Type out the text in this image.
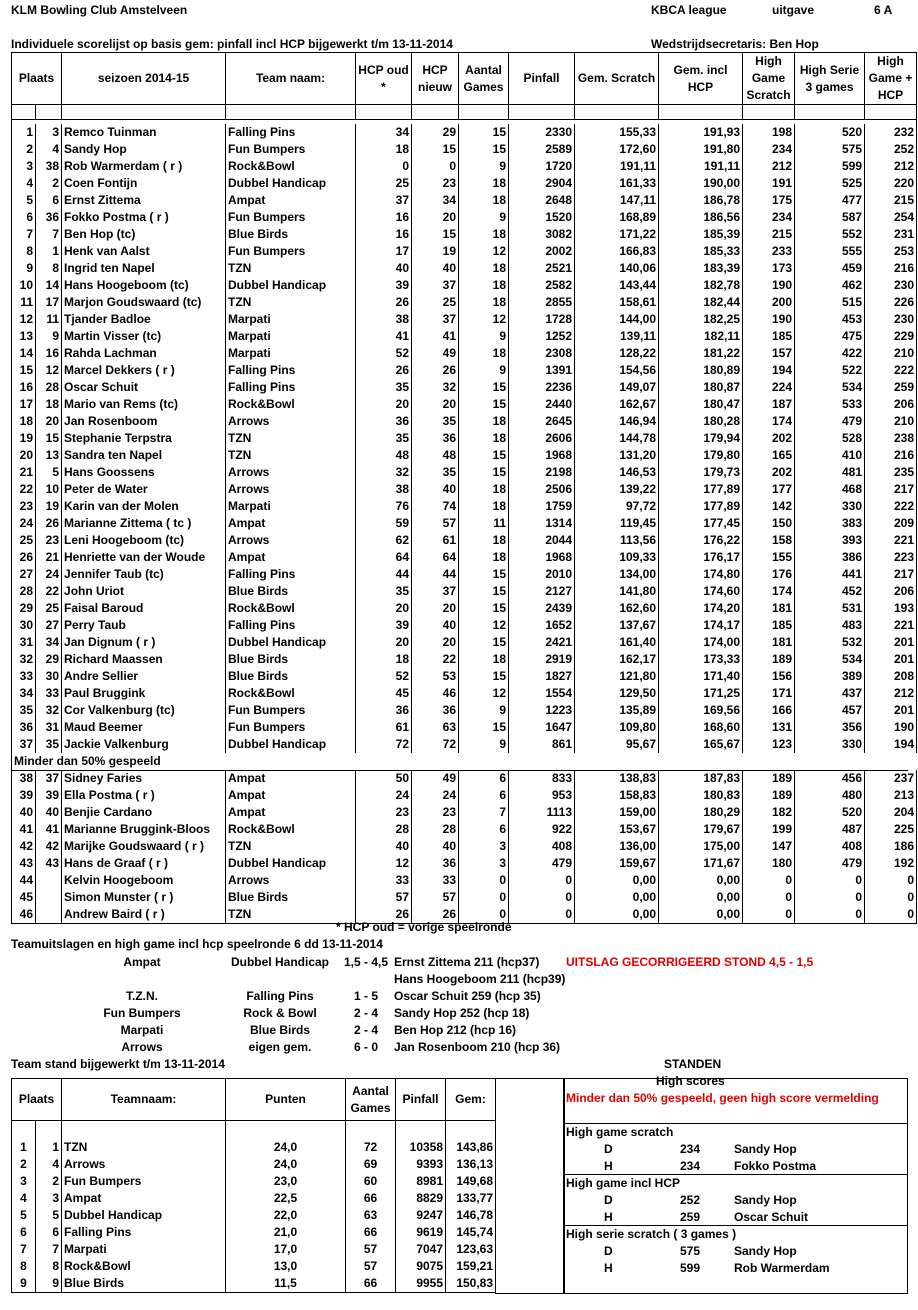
KLM Bowling Club Amstelveen	KBCA league	uitgave	6 A
Individuele scorelijst op basis gem: pinfall incl HCP bijgewerkt t/m 13-11-2014	Wedstrijdsecretaris: Ben Hop
Plaats		seizoen 2014-15	Team naam:	HCP oud *	HCP nieuw	Aantal Games	Pinfall	Gem. Scratch	Gem. incl HCP	High Game Scratch	High Serie 3 games	High Game + HCP

1	3	Remco Tuinman	Falling Pins	34	29	15	2330	155,33	191,93	198	520	232
2	4	Sandy Hop	Fun Bumpers	18	15	15	2589	172,60	191,80	234	575	252
3	38	Rob Warmerdam ( r )	Rock&Bowl	0	0	9	1720	191,11	191,11	212	599	212
4	2	Coen Fontijn	Dubbel Handicap	25	23	18	2904	161,33	190,00	191	525	220
5	6	Ernst Zittema	Ampat	37	34	18	2648	147,11	186,78	175	477	215
6	36	Fokko Postma ( r )	Fun Bumpers	16	20	9	1520	168,89	186,56	234	587	254
7	7	Ben Hop (tc)	Blue Birds	16	15	18	3082	171,22	185,39	215	552	231
8	1	Henk van Aalst	Fun Bumpers	17	19	12	2002	166,83	185,33	233	555	253
9	8	Ingrid ten Napel	TZN	40	40	18	2521	140,06	183,39	173	459	216
10	14	Hans Hoogeboom (tc)	Dubbel Handicap	39	37	18	2582	143,44	182,78	190	462	230
11	17	Marjon Goudswaard (tc)	TZN	26	25	18	2855	158,61	182,44	200	515	226
12	11	Tjander Badloe	Marpati	38	37	12	1728	144,00	182,25	190	453	230
13	9	Martin Visser (tc)	Marpati	41	41	9	1252	139,11	182,11	185	475	229
14	16	Rahda Lachman	Marpati	52	49	18	2308	128,22	181,22	157	422	210
15	12	Marcel Dekkers ( r )	Falling Pins	26	26	9	1391	154,56	180,89	194	522	222
16	28	Oscar Schuit	Falling Pins	35	32	15	2236	149,07	180,87	224	534	259
17	18	Mario van Rems (tc)	Rock&Bowl	20	20	15	2440	162,67	180,47	187	533	206
18	20	Jan Rosenboom	Arrows	36	35	18	2645	146,94	180,28	174	479	210
19	15	Stephanie Terpstra	TZN	35	36	18	2606	144,78	179,94	202	528	238
20	13	Sandra ten Napel	TZN	48	48	15	1968	131,20	179,80	165	410	216
21	5	Hans Goossens	Arrows	32	35	15	2198	146,53	179,73	202	481	235
22	10	Peter de Water	Arrows	38	40	18	2506	139,22	177,89	177	468	217
23	19	Karin van der Molen	Marpati	76	74	18	1759	97,72	177,89	142	330	222
24	26	Marianne Zittema ( tc )	Ampat	59	57	11	1314	119,45	177,45	150	383	209
25	23	Leni Hoogeboom (tc)	Arrows	62	61	18	2044	113,56	176,22	158	393	221
26	21	Henriette van der Woude	Ampat	64	64	18	1968	109,33	176,17	155	386	223
27	24	Jennifer Taub (tc)	Falling Pins	44	44	15	2010	134,00	174,80	176	441	217
28	22	John Uriot	Blue Birds	35	37	15	2127	141,80	174,60	174	452	206
29	25	Faisal Baroud	Rock&Bowl	20	20	15	2439	162,60	174,20	181	531	193
30	27	Perry Taub	Falling Pins	39	40	12	1652	137,67	174,17	185	483	221
31	34	Jan Dignum ( r )	Dubbel Handicap	20	20	15	2421	161,40	174,00	181	532	201
32	29	Richard Maassen	Blue Birds	18	22	18	2919	162,17	173,33	189	534	201
33	30	Andre Sellier	Blue Birds	52	53	15	1827	121,80	171,40	156	389	208
34	33	Paul Bruggink	Rock&Bowl	45	46	12	1554	129,50	171,25	171	437	212
35	32	Cor Valkenburg (tc)	Fun Bumpers	36	36	9	1223	135,89	169,56	166	457	201
36	31	Maud Beemer	Fun Bumpers	61	63	15	1647	109,80	168,60	131	356	190
37	35	Jackie Valkenburg	Dubbel Handicap	72	72	9	861	95,67	165,67	123	330	194
Minder dan 50% gespeeld												
38	37	Sidney Faries	Ampat	50	49	6	833	138,83	187,83	189	456	237
39	39	Ella Postma ( r )	Ampat	24	24	6	953	158,83	180,83	189	480	213
40	40	Benjie Cardano	Ampat	23	23	7	1113	159,00	180,29	182	520	204
41	41	Marianne Bruggink-Bloos	Rock&Bowl	28	28	6	922	153,67	179,67	199	487	225
42	42	Marijke Goudswaard ( r )	TZN	40	40	3	408	136,00	175,00	147	408	186
43	43	Hans de Graaf ( r )	Dubbel Handicap	12	36	3	479	159,67	171,67	180	479	192
44		Kelvin Hoogeboom	Arrows	33	33	0	0	0,00	0,00	0	0	0
45		Simon Munster ( r )	Blue Birds	57	57	0	0	0,00	0,00	0	0	0
46		Andrew Baird ( r )	TZN	26	26	0	0	0,00	0,00	0	0	0
* HCP oud = vorige speelronde
Teamuitslagen en high game incl hcp speelronde 6 dd 13-11-2014
Ampat	Dubbel Handicap	1,5 - 4,5 Ernst Zittema 211 (hcp37)
T.Z.N.	Falling Pins	1 - 5	Oscar Schuit 259 (hcp 35)
Fun Bumpers	Rock & Bowl	2 - 4	Sandy Hop 252 (hcp 18)
Marpati	Blue Birds	2 - 4	Ben Hop 212 (hcp 16)
Arrows	eigen gem.	6 - 0	Jan Rosenboom 210 (hcp 36)
UITSLAG GECORRIGEERD STOND 4,5 - 1,5
Hans Hoogeboom 211 (hcp39)
Team stand bijgewerkt t/m 13-11-2014	STANDEN
Plaats		Teamnaam:	Punten	Aantal Games	Pinfall	Gem:

1	1	TZN	24,0	72	10358	143,86
2	4	Arrows	24,0	69	9393	136,13
3	2	Fun Bumpers	23,0	60	8981	149,68
4	3	Ampat	22,5	66	8829	133,77
5	5	Dubbel Handicap	22,0	63	9247	146,78
6	6	Falling Pins	21,0	66	9619	145,74
7	7	Marpati	17,0	57	7047	123,63
8	8	Rock&Bowl	13,0	57	9075	159,21
9	9	Blue Birds	11,5	66	9955	150,83
High scores
Minder dan 50% gespeeld, geen high score vermelding
High game scratch
D	234	Sandy Hop
H	234	Fokko Postma
High game incl HCP
D	252	Sandy Hop
H	259	Oscar Schuit
High serie scratch ( 3 games )
D	575	Sandy Hop
H	599	Rob Warmerdam
